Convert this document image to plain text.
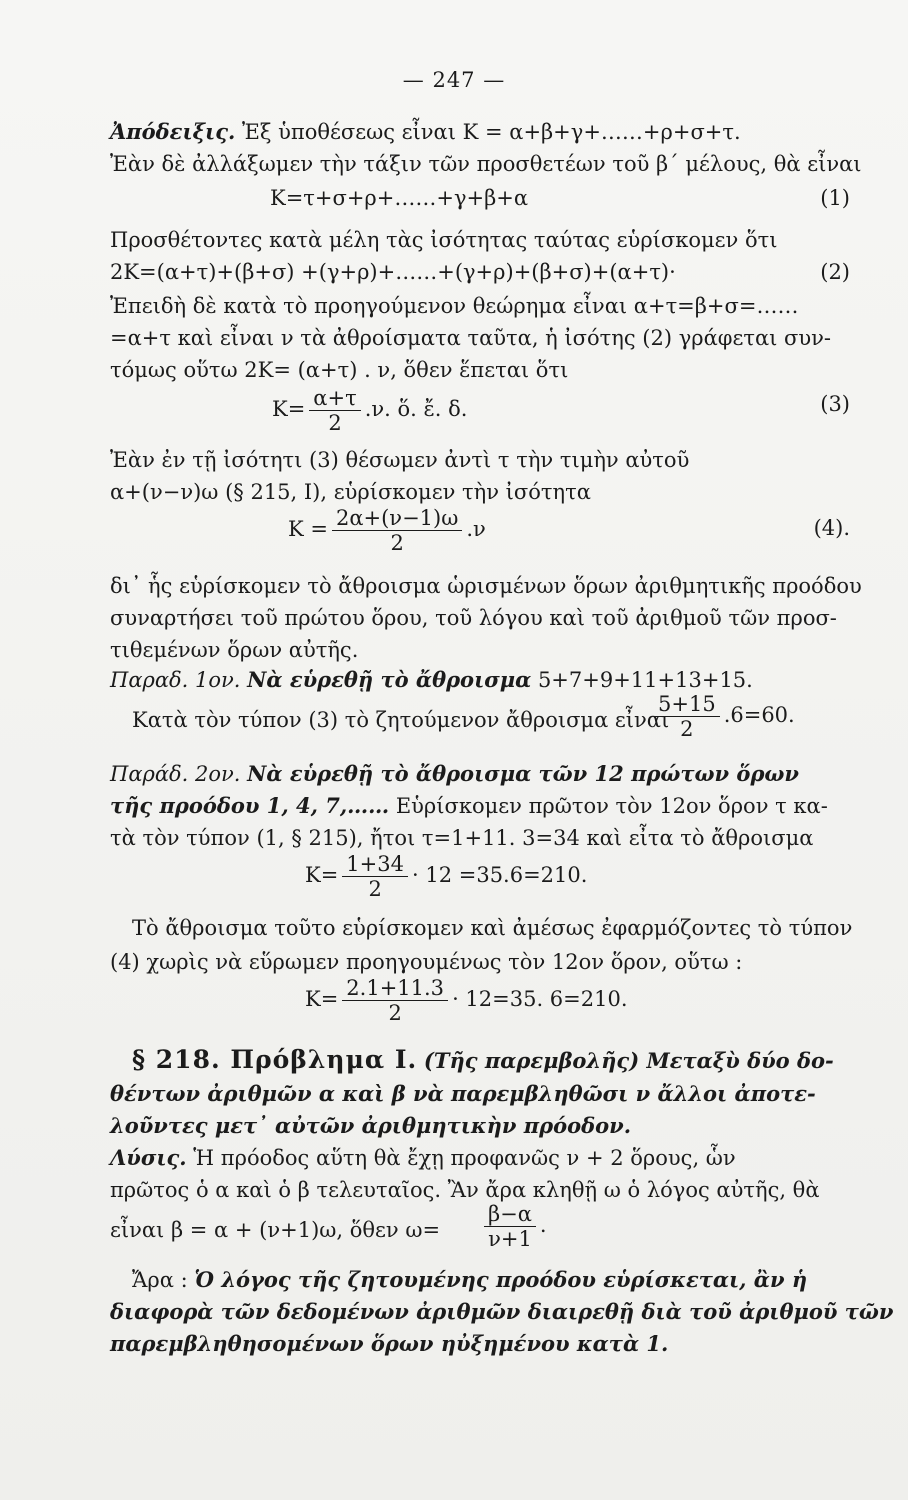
— 247 —
Ἀπόδειξις. Ἐξ ὑποθέσεως εἶναι Κ = α+β+γ+……+ρ+σ+τ.
Ἐὰν δὲ ἀλλάξωμεν τὴν τάξιν τῶν προσθετέων τοῦ β΄ μέλους, θὰ εἶναι
Κ=τ+σ+ρ+……+γ+β+α	(1)
Προσθέτοντες κατὰ μέλη τὰς ἰσότητας ταύτας εὑρίσκομεν ὅτι
2Κ=(α+τ)+(β+σ) +(γ+ρ)+……+(γ+ρ)+(β+σ)+(α+τ)·	(2)
Ἐπειδὴ δὲ κατὰ τὸ προηγούμενον θεώρημα εἶναι α+τ=β+σ=……
=α+τ καὶ εἶναι ν τὰ ἀθροίσματα ταῦτα, ἡ ἰσότης (2) γράφεται συν-
τόμως οὕτω 2Κ= (α+τ) . ν, ὅθεν ἕπεται ὅτι
$K= \frac{\alpha+\tau}{2} .\nu$. ὅ. ἔ. δ.	(3)
Ἐὰν ἐν τῇ ἰσότητι (3) θέσωμεν ἀντὶ τ τὴν τιμὴν αὐτοῦ
α+(ν−ν)ω (§ 215, I), εὑρίσκομεν τὴν ἰσότητα
$K = \frac{2\alpha+(\nu-1)\omega}{2} .\nu$	(4).
δι᾿ ἧς εὑρίσκομεν τὸ ἄθροισμα ὡρισμένων ὅρων ἀριθμητικῆς προόδου
συναρτήσει τοῦ πρώτου ὅρου, τοῦ λόγου καὶ τοῦ ἀριθμοῦ τῶν προσ-
τιθεμένων ὅρων αὐτῆς.
Παραδ. 1ον. Νὰ εὑρεθῇ τὸ ἄθροισμα 5+7+9+11+13+15.
Κατὰ τὸν τύπον (3) τὸ ζητούμενον ἄθροισμα εἶναι
$\frac{5+15}{2} .6=60$.
Παράδ. 2ον. Νὰ εὑρεθῇ τὸ ἄθροισμα τῶν 12 πρώτων ὅρων
τῆς προόδου 1, 4, 7,…… Εὑρίσκομεν πρῶτον τὸν 12ον ὅρον τ κα-
τὰ τὸν τύπον (1, § 215), ἤτοι τ=1+11. 3=34 καὶ εἶτα τὸ ἄθροισμα
$K= \frac{1+34}{2} \cdot 12 =35.6=210$.
Τὸ ἄθροισμα τοῦτο εὑρίσκομεν καὶ ἀμέσως ἐφαρμόζοντες τὸ τύπον
(4) χωρὶς νὰ εὕρωμεν προηγουμένως τὸν 12ον ὅρον, οὕτω :
$K= \frac{2.1+11.3}{2} \cdot 12=35$. 6=210.
§ 218. Πρόβλημα I. (Τῆς παρεμβολῆς) Μεταξὺ δύο δο-
θέντων ἀριθμῶν α καὶ β νὰ παρεμβληθῶσι ν ἄλλοι ἀποτε-
λοῦντες μετ᾿ αὐτῶν ἀριθμητικὴν πρόοδον.
Λύσις. Ἡ πρόοδος αὕτη θὰ ἔχῃ προφανῶς ν + 2 ὅρους, ὧν
πρῶτος ὁ α καὶ ὁ β τελευταῖος. Ἂν ἄρα κληθῇ ω ὁ λόγος αὐτῆς, θὰ
εἶναι β = α + (ν+1)ω, ὅθεν $\omega= \frac{\beta-\alpha}{\nu+1}$ .
Ἄρα : Ὁ λόγος τῆς ζητουμένης προόδου εὑρίσκεται, ἂν ἡ
διαφορὰ τῶν δεδομένων ἀριθμῶν διαιρεθῇ διὰ τοῦ ἀριθμοῦ τῶν
παρεμβληθησομένων ὅρων ηὐξημένου κατὰ 1.
